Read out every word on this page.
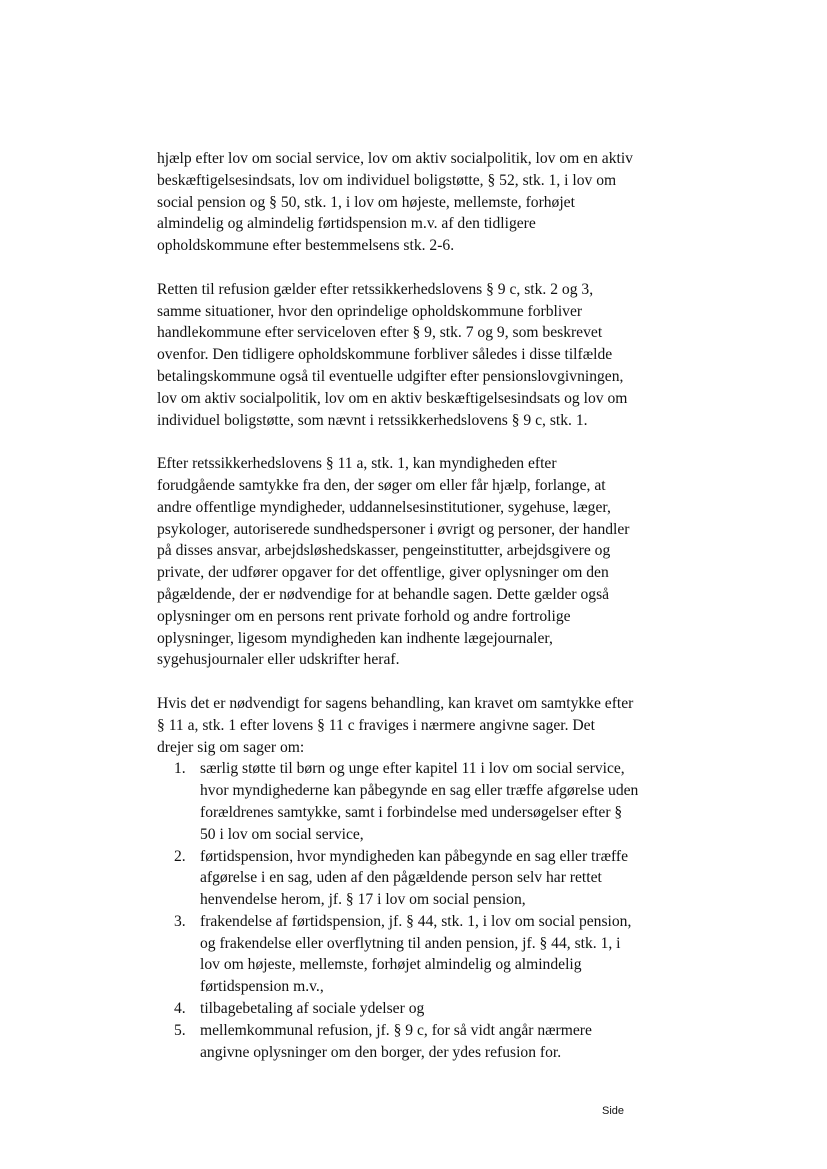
hjælp efter lov om social service, lov om aktiv socialpolitik, lov om en aktiv
beskæftigelsesindsats, lov om individuel boligstøtte, § 52, stk. 1, i lov om
social pension og § 50, stk. 1, i lov om højeste, mellemste, forhøjet
almindelig og almindelig førtidspension m.v. af den tidligere
opholdskommune efter bestemmelsens stk. 2-6.
Retten til refusion gælder efter retssikkerhedslovens § 9 c, stk. 2 og 3,
samme situationer, hvor den oprindelige opholdskommune forbliver
handlekommune efter serviceloven efter § 9, stk. 7 og 9, som beskrevet
ovenfor. Den tidligere opholdskommune forbliver således i disse tilfælde
betalingskommune også til eventuelle udgifter efter pensionslovgivningen,
lov om aktiv socialpolitik, lov om en aktiv beskæftigelsesindsats og lov om
individuel boligstøtte, som nævnt i retssikkerhedslovens § 9 c, stk. 1.
Efter retssikkerhedslovens § 11 a, stk. 1, kan myndigheden efter
forudgående samtykke fra den, der søger om eller får hjælp, forlange, at
andre offentlige myndigheder, uddannelsesinstitutioner, sygehuse, læger,
psykologer, autoriserede sundhedspersoner i øvrigt og personer, der handler
på disses ansvar, arbejdsløshedskasser, pengeinstitutter, arbejdsgivere og
private, der udfører opgaver for det offentlige, giver oplysninger om den
pågældende, der er nødvendige for at behandle sagen. Dette gælder også
oplysninger om en persons rent private forhold og andre fortrolige
oplysninger, ligesom myndigheden kan indhente lægejournaler,
sygehusjournaler eller udskrifter heraf.
Hvis det er nødvendigt for sagens behandling, kan kravet om samtykke efter
§ 11 a, stk. 1 efter lovens § 11 c fraviges i nærmere angivne sager. Det
drejer sig om sager om:
1. særlig støtte til børn og unge efter kapitel 11 i lov om social service,
hvor myndighederne kan påbegynde en sag eller træffe afgørelse uden
forældrenes samtykke, samt i forbindelse med undersøgelser efter §
50 i lov om social service,
2. førtidspension, hvor myndigheden kan påbegynde en sag eller træffe
afgørelse i en sag, uden af den pågældende person selv har rettet
henvendelse herom, jf. § 17 i lov om social pension,
3. frakendelse af førtidspension, jf. § 44, stk. 1, i lov om social pension,
og frakendelse eller overflytning til anden pension, jf. § 44, stk. 1, i
lov om højeste, mellemste, forhøjet almindelig og almindelig
førtidspension m.v.,
4. tilbagebetaling af sociale ydelser og
5. mellemkommunal refusion, jf. § 9 c, for så vidt angår nærmere
angivne oplysninger om den borger, der ydes refusion for.
Side
